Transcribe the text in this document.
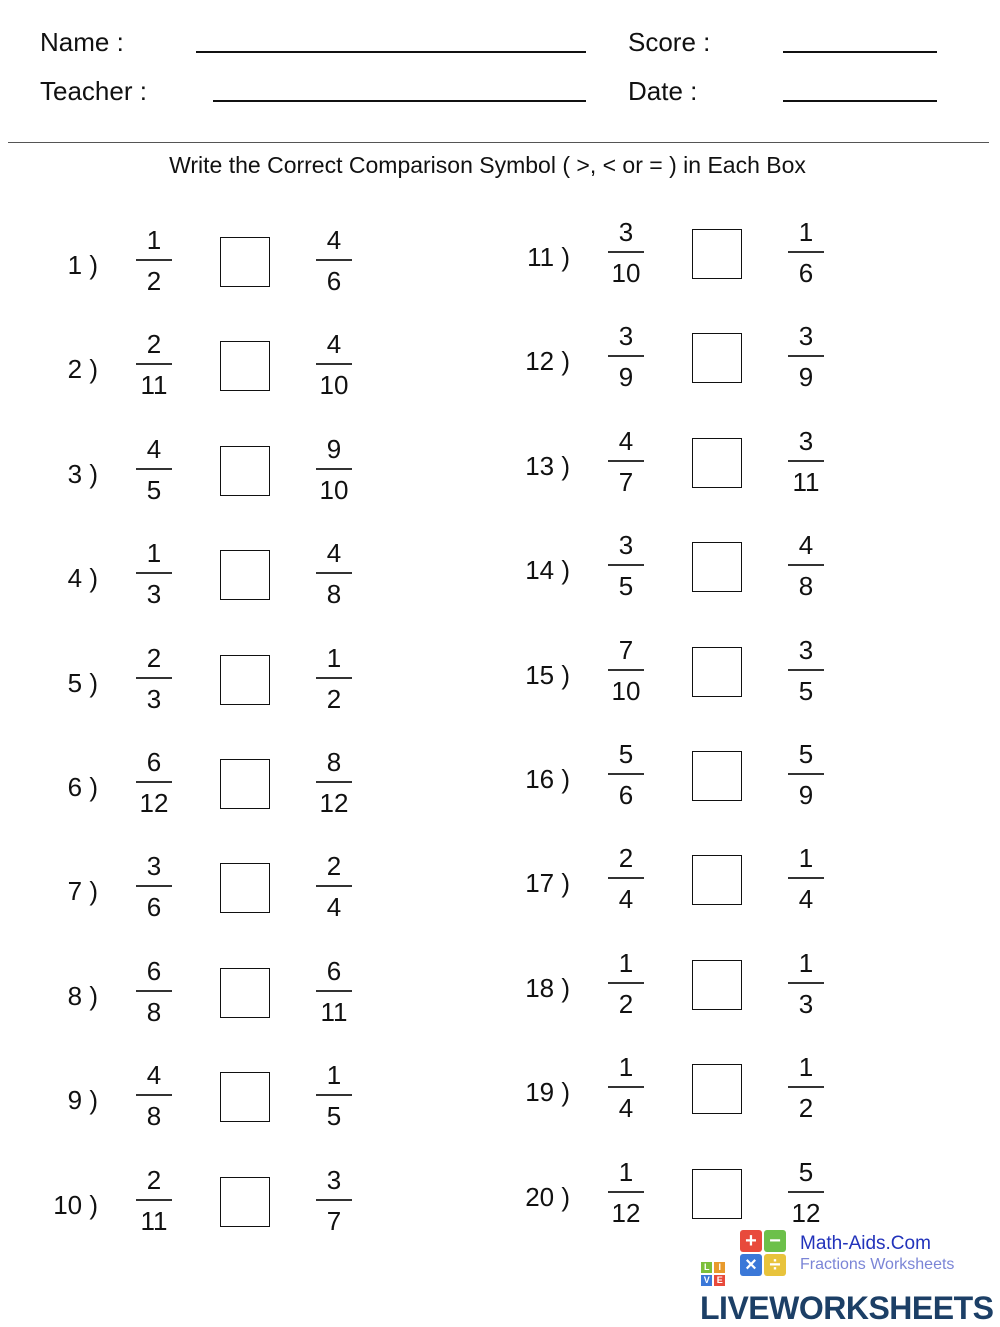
Name :
Teacher :
Score :
Date :
Write the Correct Comparison Symbol ( >, < or = ) in Each Box
1 )
1
2
4
6
2 )
2
11
4
10
3 )
4
5
9
10
4 )
1
3
4
8
5 )
2
3
1
2
6 )
6
12
8
12
7 )
3
6
2
4
8 )
6
8
6
11
9 )
4
8
1
5
10 )
2
11
3
7
11 )
3
10
1
6
12 )
3
9
3
9
13 )
4
7
3
11
14 )
3
5
4
8
15 )
7
10
3
5
16 )
5
6
5
9
17 )
2
4
1
4
18 )
1
2
1
3
19 )
1
4
1
2
20 )
1
12
5
12
+ −
× ÷
Math-Aids.Com
Fractions Worksheets
L IV ELIVEWORKSHEETS
